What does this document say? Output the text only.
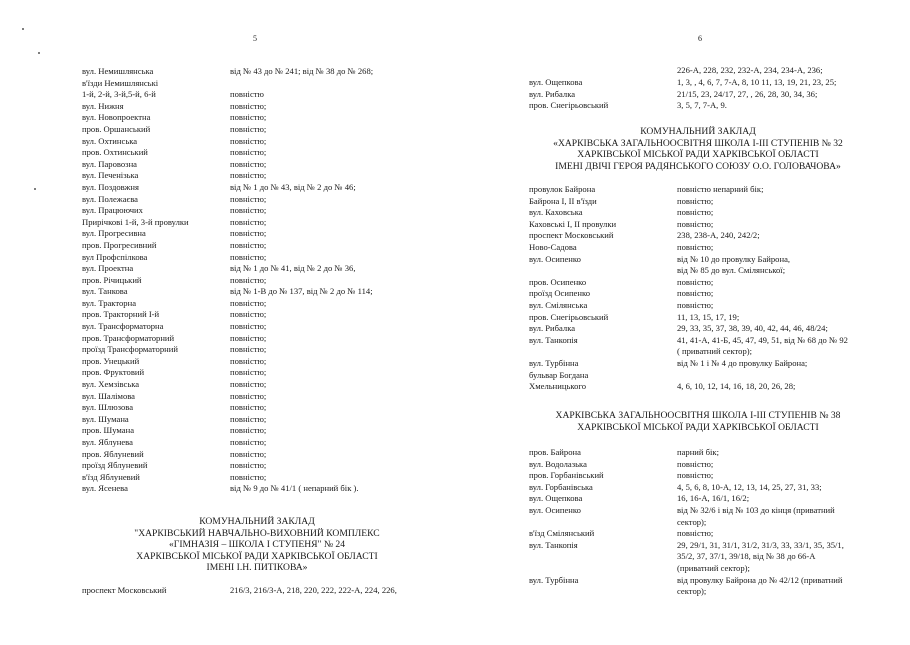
5
вул. Немишлянська	від № 43 до № 241; від № 38 до № 268;
в'їзди Немишлянські
1-й, 2-й, 3-й,5-й, 6-й	повністю
вул. Нижня	повністю;
вул. Новопроектна	повністю;
пров. Оршанський	повністю;
вул. Охтинська	повністю;
пров. Охтинський	повністю;
вул. Паровозна	повністю;
вул. Печенізька	повністю;
вул. Поздовжня	від № 1 до № 43, від № 2 до № 46;
вул. Полежаєва	повністю;
вул. Працюючих	повністю;
Прирічкові 1-й, 3-й провулки	повністю;
вул. Прогресивна	повністю;
пров. Прогресивний	повністю;
вул Профспілкова	повністю;
вул. Проектна	від № 1 до № 41, від № 2 до № 36,
пров. Річицький	повністю;
вул. Танкова	від № 1-В до № 137, від № 2 до № 114;
вул. Тракторна	повністю;
пров. Тракторний I-й	повністю;
вул. Трансформаторна	повністю;
пров. Трансформаторний	повністю;
проїзд Трансформаторний	повністю;
пров. Унецький	повністю;
пров. Фруктовий	повністю;
вул. Хемзівська	повністю;
вул. Шалімова	повністю;
вул. Шлюзова	повністю;
вул. Шумана	повністю;
пров. Шумана	повністю;
вул. Яблунева	повністю;
пров. Яблуневий	повністю;
проїзд Яблуневий	повністю;
в'їзд Яблуневий	повністю;
вул. Ясенева	від № 9 до № 41/1 ( непарний бік ).
КОМУНАЛЬНИЙ ЗАКЛАД
"ХАРКІВСЬКИЙ НАВЧАЛЬНО-ВИХОВНИЙ КОМПЛЕКС
«ГІМНАЗІЯ – ШКОЛА І СТУПЕНЯ" № 24
ХАРКІВСЬКОЇ МІСЬКОЇ РАДИ ХАРКІВСЬКОЇ ОБЛАСТІ
ІМЕНІ І.Н. ПИТІКОВА»
проспект Московський	216/3, 216/3-А, 218, 220, 222, 222-А, 224, 226,
6
226-А, 228, 232, 232-А, 234, 234-А, 236;
вул. Ощепкова	1, 3, , 4, 6, 7, 7-А, 8, 10 11, 13, 19, 21, 23, 25;
вул. Рибалка	21/15, 23, 24/17, 27, , 26, 28, 30, 34, 36;
пров. Снегірьовський	3, 5, 7, 7-А, 9.
КОМУНАЛЬНИЙ ЗАКЛАД
«ХАРКІВСЬКА ЗАГАЛЬНООСВІТНЯ ШКОЛА І-ІІІ СТУПЕНІВ № 32
ХАРКІВСЬКОЇ МІСЬКОЇ РАДИ ХАРКІВСЬКОЇ ОБЛАСТІ
ІМЕНІ ДВІЧІ ГЕРОЯ РАДЯНСЬКОГО СОЮЗУ О.О. ГОЛОВАЧОВА»
провулок Байрона	повністю непарний бік;
Байрона І, ІІ в'їзди	повністю;
вул. Каховська	повністю;
Каховські І, ІІ провулки	повністю;
проспект Московський	238, 238-А, 240, 242/2;
Ново-Садова	повністю;
вул. Осипенко	від № 10 до провулку Байрона,
від № 85 до вул. Смілянської;
пров. Осипенко	повністю;
проїзд Осипенко	повністю;
вул. Смілянська	повністю;
пров. Снегірьовський	11, 13, 15, 17, 19;
вул. Рибалка	29, 33, 35, 37, 38, 39, 40, 42, 44, 46, 48/24;
вул. Танкопія	41, 41-А, 41-Б, 45, 47, 49, 51, від № 68 до № 92
( приватний сектор);
вул. Турбінна	від № 1 і № 4 до провулку Байрона;
бульвар Богдана
Хмельницького	4, 6, 10, 12, 14, 16, 18, 20, 26, 28;
ХАРКІВСЬКА ЗАГАЛЬНООСВІТНЯ ШКОЛА І-ІІІ СТУПЕНІВ № 38
ХАРКІВСЬКОЇ МІСЬКОЇ РАДИ ХАРКІВСЬКОЇ ОБЛАСТІ
пров. Байрона	парний бік;
вул. Водолазька	повністю;
пров. Горбанівський	повністю;
вул. Горбанівська	4, 5, 6, 8, 10-А, 12, 13, 14, 25, 27, 31, 33;
вул. Ощепкова	16, 16-А, 16/1, 16/2;
вул. Осипенко	від № 32/6 і від № 103 до кінця (приватний
сектор);
в'їзд Смілянський	повністю;
вул. Танкопія	29, 29/1, 31, 31/1, 31/2, 31/3, 33, 33/1, 35, 35/1,
35/2, 37, 37/1, 39/18, від № 38 до 66-А
(приватний сектор);
вул. Турбінна	від провулку Байрона до № 42/12 (приватний
сектор);
